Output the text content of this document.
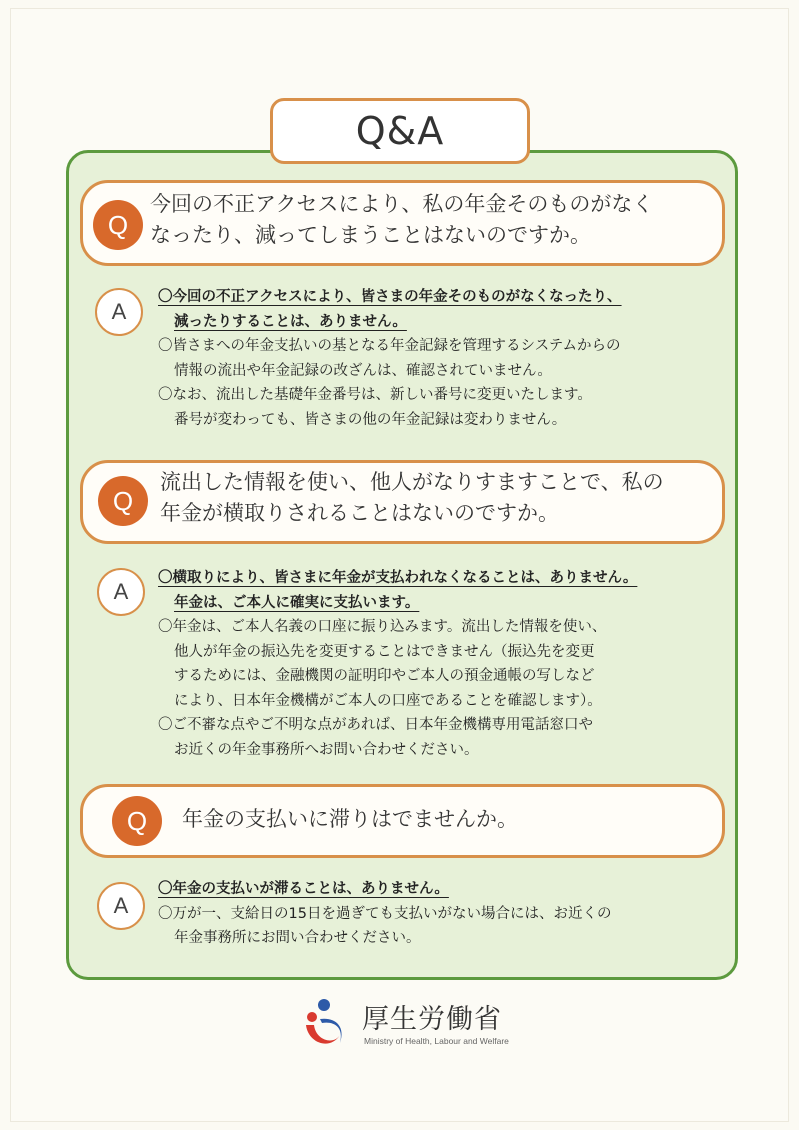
Q&A
Q
今回の不正アクセスにより、私の年金そのものがなく
なったり、減ってしまうことはないのですか。
A
〇今回の不正アクセスにより、皆さまの年金そのものがなくなったり、
減ったりすることは、ありません。
〇皆さまへの年金支払いの基となる年金記録を管理するシステムからの
情報の流出や年金記録の改ざんは、確認されていません。
〇なお、流出した基礎年金番号は、新しい番号に変更いたします。
番号が変わっても、皆さまの他の年金記録は変わりません。
Q
流出した情報を使い、他人がなりすますことで、私の
年金が横取りされることはないのですか。
A
〇横取りにより、皆さまに年金が支払われなくなることは、ありません。
年金は、ご本人に確実に支払います。
〇年金は、ご本人名義の口座に振り込みます。流出した情報を使い、
他人が年金の振込先を変更することはできません（振込先を変更
するためには、金融機関の証明印やご本人の預金通帳の写しなど
により、日本年金機構がご本人の口座であることを確認します）。
〇ご不審な点やご不明な点があれば、日本年金機構専用電話窓口や
お近くの年金事務所へお問い合わせください。
Q	年金の支払いに滞りはでませんか。
A
〇年金の支払いが滞ることは、ありません。
〇万が一、支給日の15日を過ぎても支払いがない場合には、お近くの
年金事務所にお問い合わせください。
厚生労働省
Ministry of Health, Labour and Welfare
